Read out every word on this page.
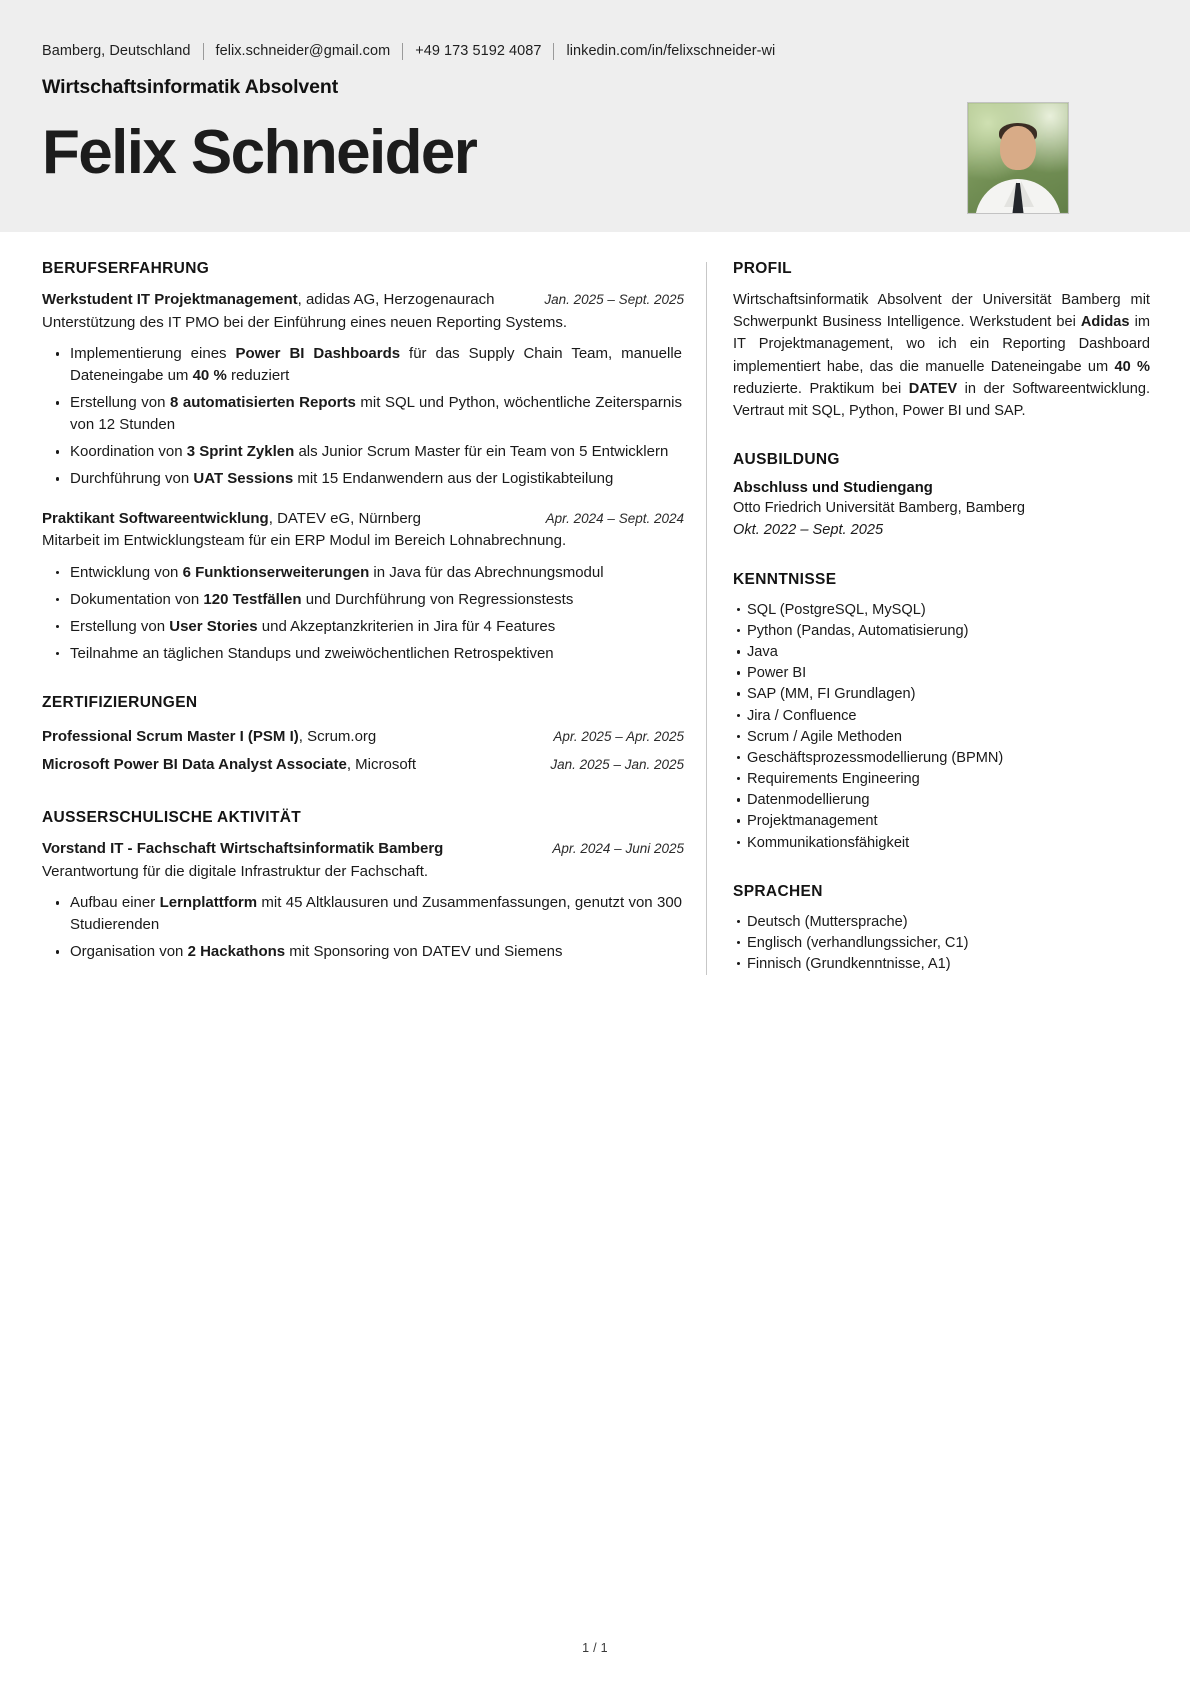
Bamberg, Deutschland felix.schneider@gmail.com +49 173 5192 4087 linkedin.com/in/felixschneider-wi
Wirtschaftsinformatik Absolvent
Felix Schneider
BERUFSERFAHRUNG
Werkstudent IT Projektmanagement, adidas AG, Herzogenaurach	Jan. 2025 – Sept. 2025
Unterstützung des IT PMO bei der Einführung eines neuen Reporting Systems.
Implementierung eines Power BI Dashboards für das Supply Chain Team, manuelle Dateneingabe um 40 % reduziert
Erstellung von 8 automatisierten Reports mit SQL und Python, wöchentliche Zeitersparnis von 12 Stunden
Koordination von 3 Sprint Zyklen als Junior Scrum Master für ein Team von 5 Entwicklern
Durchführung von UAT Sessions mit 15 Endanwendern aus der Logistikabteilung
Praktikant Softwareentwicklung, DATEV eG, Nürnberg	Apr. 2024 – Sept. 2024
Mitarbeit im Entwicklungsteam für ein ERP Modul im Bereich Lohnabrechnung.
Entwicklung von 6 Funktionserweiterungen in Java für das Abrechnungsmodul
Dokumentation von 120 Testfällen und Durchführung von Regressionstests
Erstellung von User Stories und Akzeptanzkriterien in Jira für 4 Features
Teilnahme an täglichen Standups und zweiwöchentlichen Retrospektiven
ZERTIFIZIERUNGEN
Professional Scrum Master I (PSM I), Scrum.org	Apr. 2025 – Apr. 2025
Microsoft Power BI Data Analyst Associate, Microsoft	Jan. 2025 – Jan. 2025
AUSSERSCHULISCHE AKTIVITÄT
Vorstand IT - Fachschaft Wirtschaftsinformatik Bamberg	Apr. 2024 – Juni 2025
Verantwortung für die digitale Infrastruktur der Fachschaft.
Aufbau einer Lernplattform mit 45 Altklausuren und Zusammenfassungen, genutzt von 300 Studierenden
Organisation von 2 Hackathons mit Sponsoring von DATEV und Siemens
PROFIL
Wirtschaftsinformatik Absolvent der Universität Bamberg mit Schwerpunkt Business Intelligence. Werkstudent bei Adidas im IT Projektmanagement, wo ich ein Reporting Dashboard implementiert habe, das die manuelle Dateneingabe um 40 % reduzierte. Praktikum bei DATEV in der Softwareentwicklung. Vertraut mit SQL, Python, Power BI und SAP.
AUSBILDUNG
Abschluss und Studiengang
Otto Friedrich Universität Bamberg, Bamberg
Okt. 2022 – Sept. 2025
KENNTNISSE
SQL (PostgreSQL, MySQL)
Python (Pandas, Automatisierung)
Java
Power BI
SAP (MM, FI Grundlagen)
Jira / Confluence
Scrum / Agile Methoden
Geschäftsprozessmodellierung (BPMN)
Requirements Engineering
Datenmodellierung
Projektmanagement
Kommunikationsfähigkeit
SPRACHEN
Deutsch (Muttersprache)
Englisch (verhandlungssicher, C1)
Finnisch (Grundkenntnisse, A1)
1 / 1
